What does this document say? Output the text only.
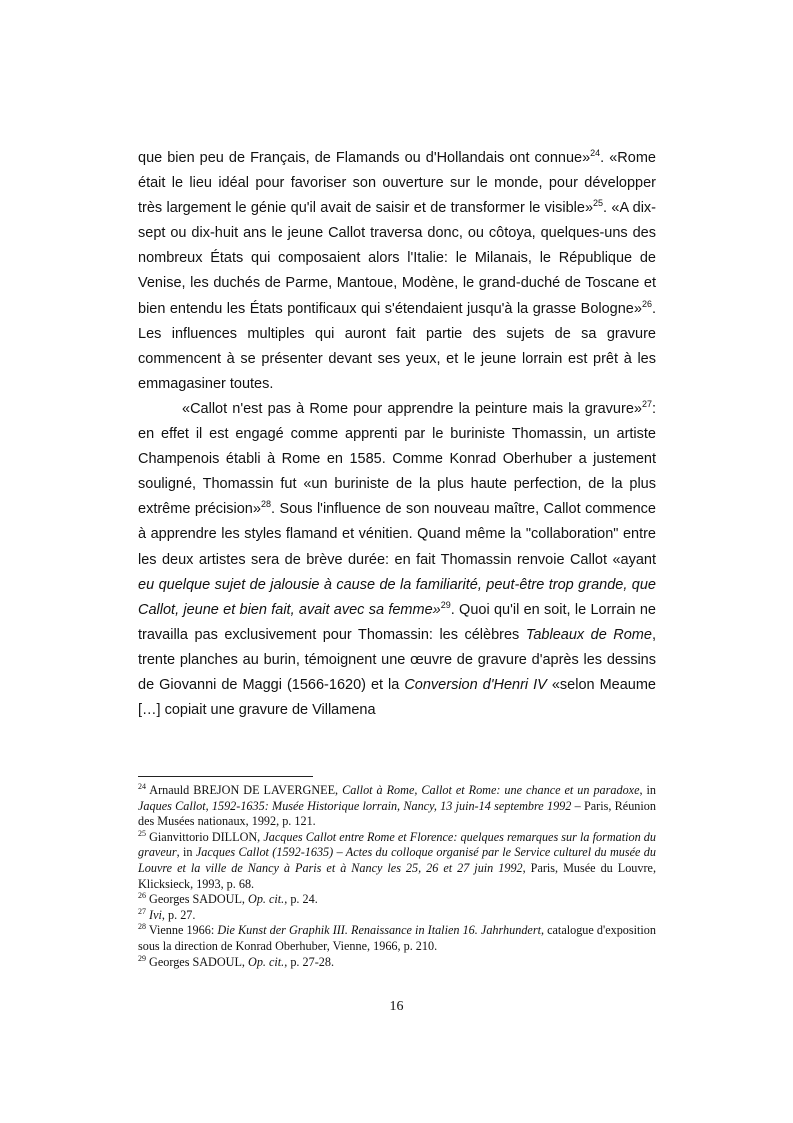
que bien peu de Français, de Flamands ou d'Hollandais ont connue»$^{24}$. «Rome était le lieu idéal pour favoriser son ouverture sur le monde, pour développer très largement le génie qu'il avait de saisir et de transformer le visible»$^{25}$. «A dix-sept ou dix-huit ans le jeune Callot traversa donc, ou côtoya, quelques-uns des nombreux États qui composaient alors l'Italie: le Milanais, le République de Venise, les duchés de Parme, Mantoue, Modène, le grand-duché de Toscane et bien entendu les États pontificaux qui s'étendaient jusqu'à la grasse Bologne»$^{26}$. Les influences multiples qui auront fait partie des sujets de sa gravure commencent à se présenter devant ses yeux, et le jeune lorrain est prêt à les emmagasiner toutes.

«Callot n'est pas à Rome pour apprendre la peinture mais la gravure»$^{27}$: en effet il est engagé comme apprenti par le buriniste Thomassin, un artiste Champenois établi à Rome en 1585. Comme Konrad Oberhuber a justement souligné, Thomassin fut «un buriniste de la plus haute perfection, de la plus extrême précision»$^{28}$. Sous l'influence de son nouveau maître, Callot commence à apprendre les styles flamand et vénitien. Quand même la "collaboration" entre les deux artistes sera de brève durée: en fait Thomassin renvoie Callot «ayant eu quelque sujet de jalousie à cause de la familiarité, peut-être trop grande, que Callot, jeune et bien fait, avait avec sa femme»$^{29}$. Quoi qu'il en soit, le Lorrain ne travailla pas exclusivement pour Thomassin: les célèbres Tableaux de Rome, trente planches au burin, témoignent une œuvre de gravure d'après les dessins de Giovanni de Maggi (1566-1620) et la Conversion d'Henri IV «selon Meaume […] copiait une gravure de Villamena

$^{24}$ Arnauld BREJON DE LAVERGNEE, Callot à Rome, Callot et Rome: une chance et un paradoxe, in Jaques Callot, 1592-1635: Musée Historique lorrain, Nancy, 13 juin-14 septembre 1992 – Paris, Réunion des Musées nationaux, 1992, p. 121.

$^{25}$ Gianvittorio DILLON, Jacques Callot entre Rome et Florence: quelques remarques sur la formation du graveur, in Jacques Callot (1592-1635) – Actes du colloque organisé par le Service culturel du musée du Louvre et la ville de Nancy à Paris et à Nancy les 25, 26 et 27 juin 1992, Paris, Musée du Louvre, Klicksieck, 1993, p. 68.

$^{26}$ Georges SADOUL, Op. cit., p. 24.

$^{27}$ Ivi, p. 27.

$^{28}$ Vienne 1966: Die Kunst der Graphik III. Renaissance in Italien 16. Jahrhundert, catalogue d'exposition sous la direction de Konrad Oberhuber, Vienne, 1966, p. 210.

$^{29}$ Georges SADOUL, Op. cit., p. 27-28.

16
